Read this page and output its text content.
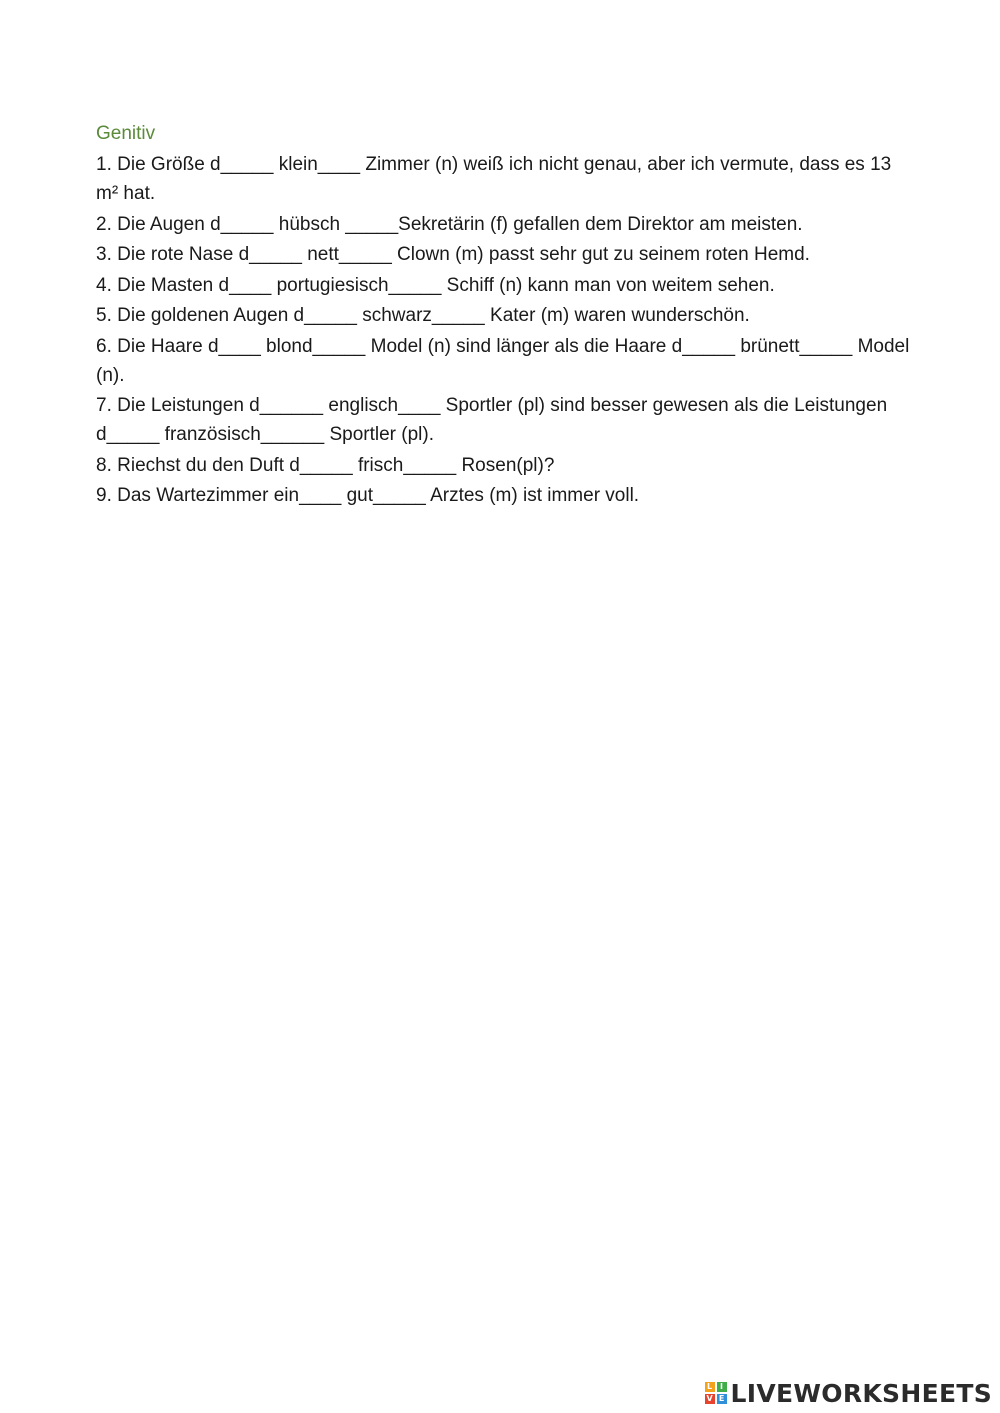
Genitiv
1. Die Größe d_____ klein____ Zimmer (n) weiß ich nicht genau, aber ich vermute, dass es 13 m² hat.
2. Die Augen d_____ hübsch _____Sekretärin (f) gefallen dem Direktor am meisten.
3. Die rote Nase d_____ nett_____ Clown (m) passt sehr gut zu seinem roten Hemd.
4. Die Masten d____ portugiesisch_____ Schiff (n) kann man von weitem sehen.
5. Die goldenen Augen d_____ schwarz_____ Kater (m) waren wunderschön.
6. Die Haare d____ blond_____ Model (n) sind länger als die Haare d_____ brünett_____ Model (n).
7. Die Leistungen d______ englisch____ Sportler (pl) sind besser gewesen als die Leistungen d_____ französisch______ Sportler (pl).
8. Riechst du den Duft d_____ frisch_____ Rosen(pl)?
9. Das Wartezimmer ein____ gut_____ Arztes (m) ist immer voll.
L I
V E LIVEWORKSHEETS
